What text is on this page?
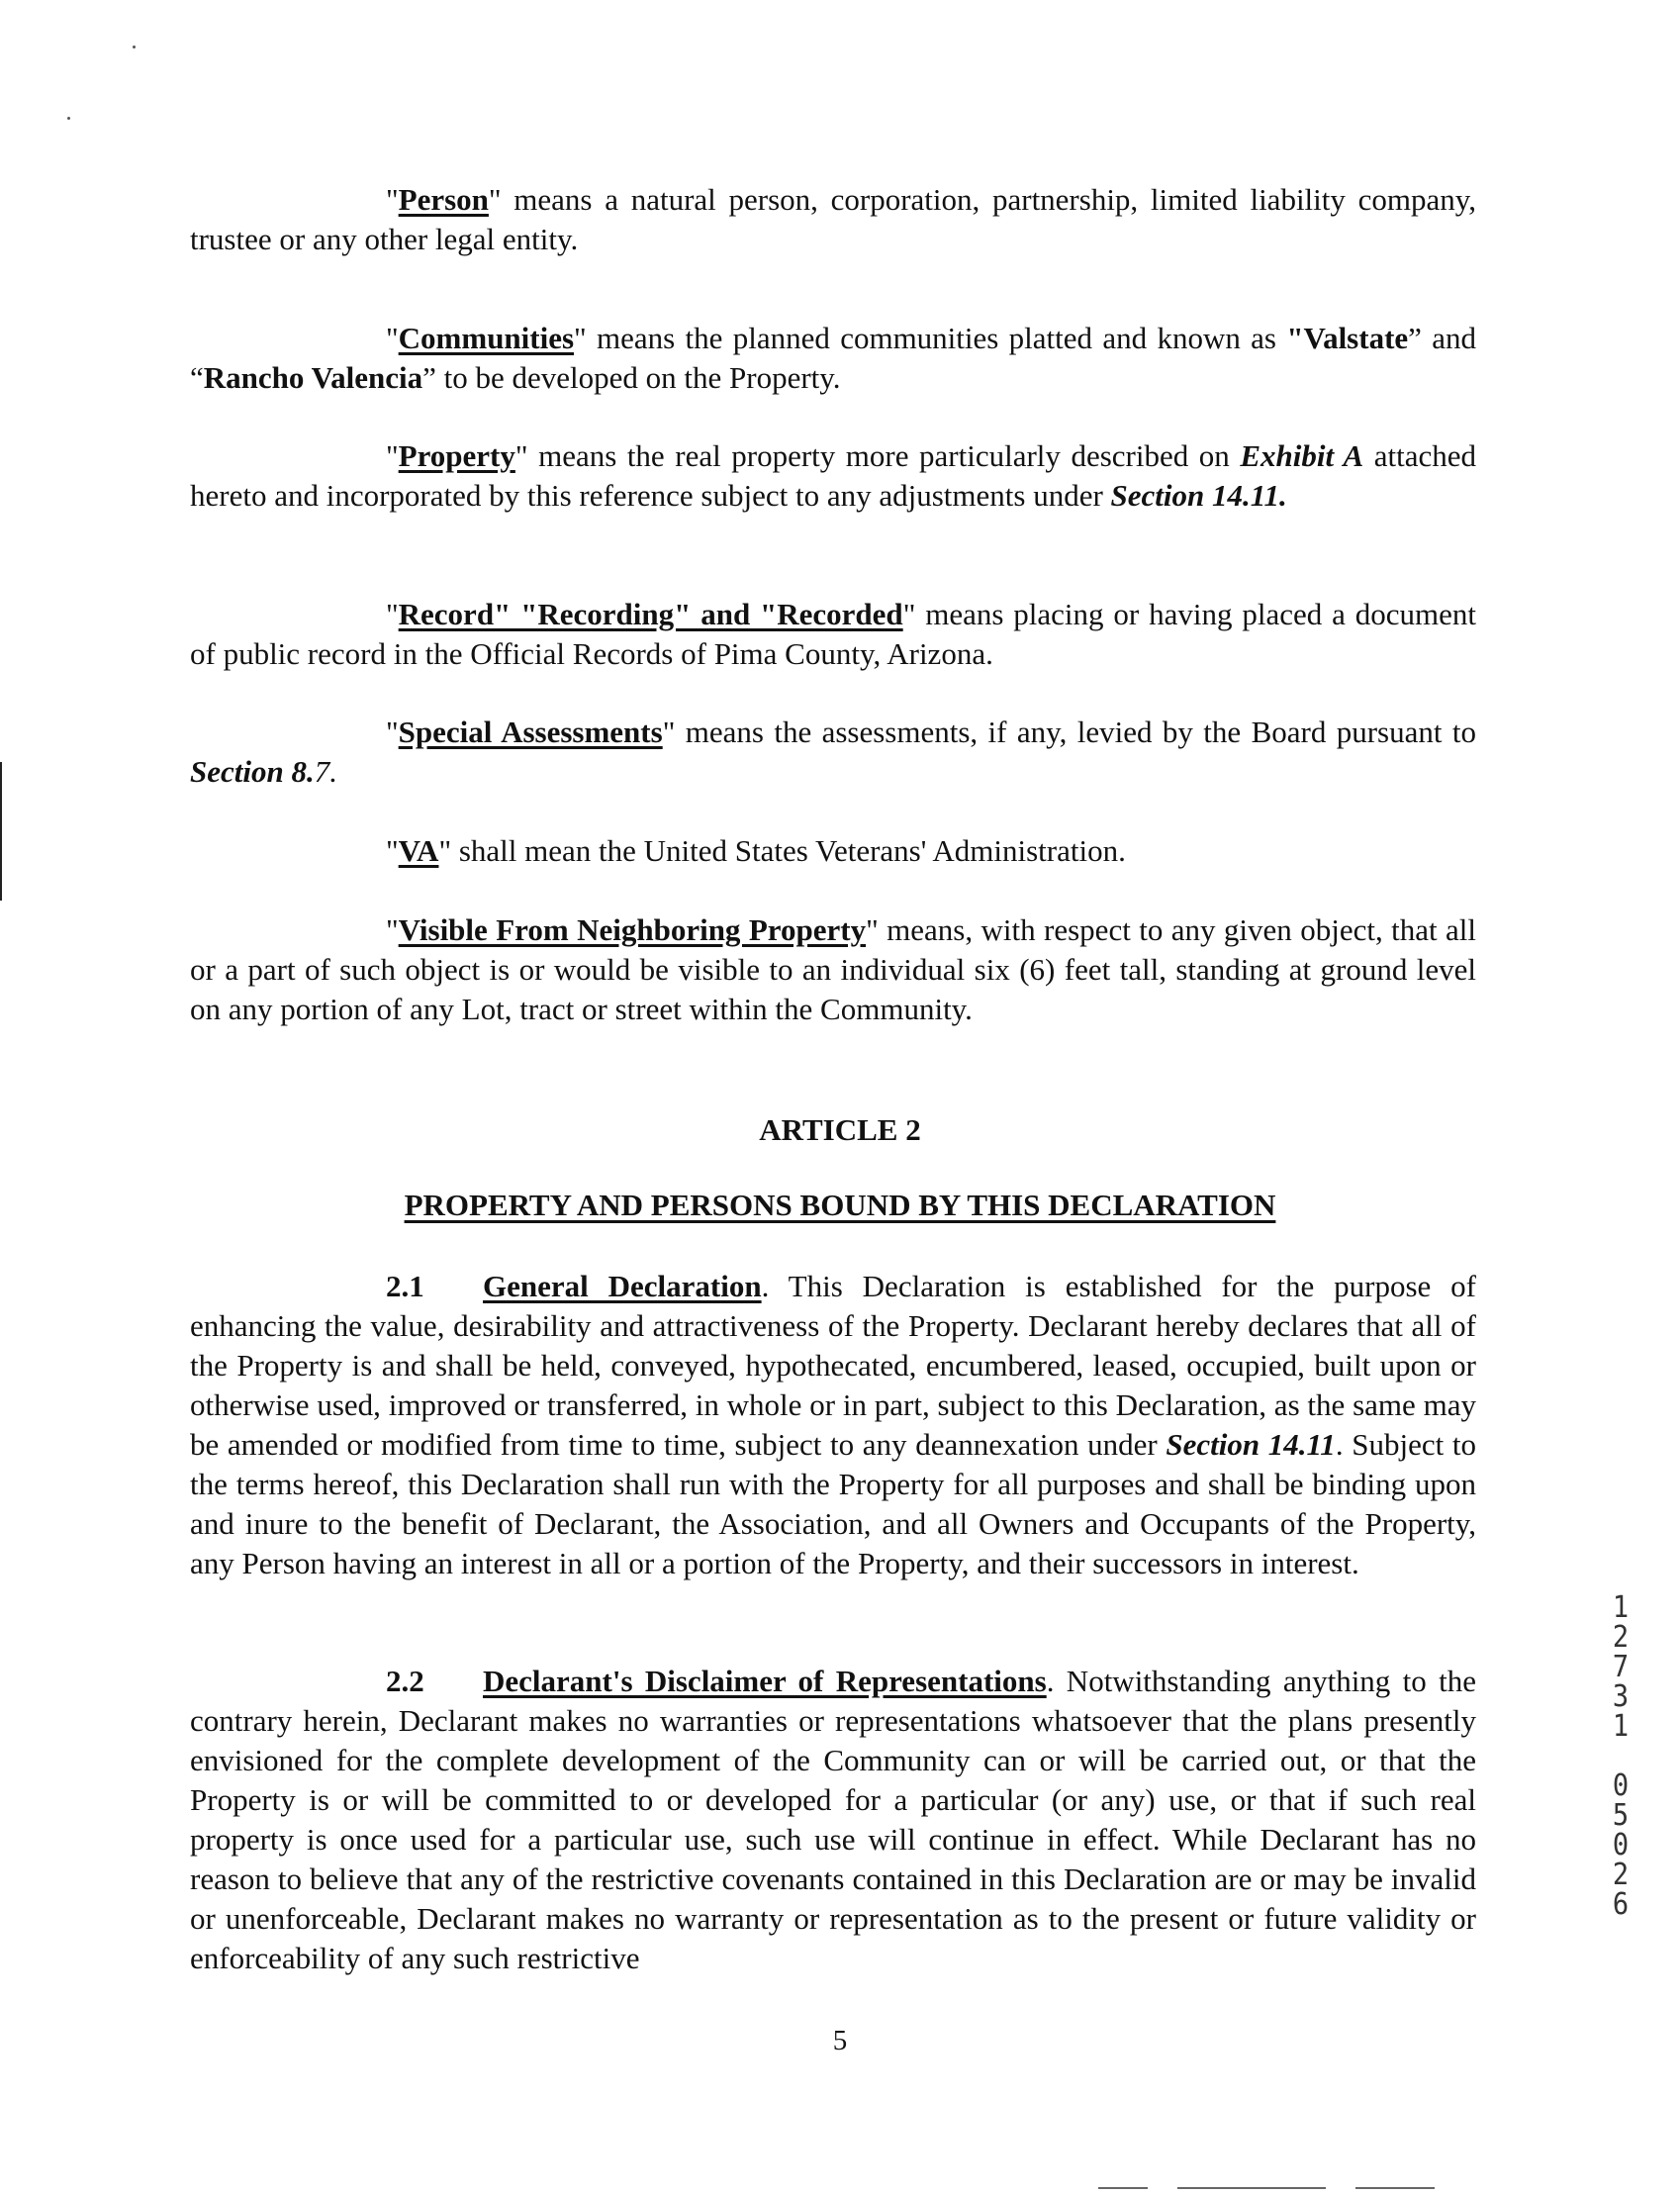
"Person" means a natural person, corporation, partnership, limited liability company, trustee or any other legal entity.

"Communities" means the planned communities platted and known as "Valstate” and “Rancho Valencia” to be developed on the Property.

"Property" means the real property more particularly described on Exhibit A attached hereto and incorporated by this reference subject to any adjustments under Section 14.11.

"Record" "Recording" and "Recorded" means placing or having placed a document of public record in the Official Records of Pima County, Arizona.

"Special Assessments" means the assessments, if any, levied by the Board pursuant to Section 8.7.

"VA" shall mean the United States Veterans' Administration.

"Visible From Neighboring Property" means, with respect to any given object, that all or a part of such object is or would be visible to an individual six (6) feet tall, standing at ground level on any portion of any Lot, tract or street within the Community.

ARTICLE 2
PROPERTY AND PERSONS BOUND BY THIS DECLARATION

2.1 General Declaration. This Declaration is established for the purpose of enhancing the value, desirability and attractiveness of the Property. Declarant hereby declares that all of the Property is and shall be held, conveyed, hypothecated, encumbered, leased, occupied, built upon or otherwise used, improved or transferred, in whole or in part, subject to this Declaration, as the same may be amended or modified from time to time, subject to any deannexation under Section 14.11. Subject to the terms hereof, this Declaration shall run with the Property for all purposes and shall be binding upon and inure to the benefit of Declarant, the Association, and all Owners and Occupants of the Property, any Person having an interest in all or a portion of the Property, and their successors in interest.

2.2 Declarant's Disclaimer of Representations. Notwithstanding anything to the contrary herein, Declarant makes no warranties or representations whatsoever that the plans presently envisioned for the complete development of the Community can or will be carried out, or that the Property is or will be committed to or developed for a particular (or any) use, or that if such real property is once used for a particular use, such use will continue in effect. While Declarant has no reason to believe that any of the restrictive covenants contained in this Declaration are or may be invalid or unenforceable, Declarant makes no warranty or representation as to the present or future validity or enforceability of any such restrictive

1
2
7
3
1
0
5
0
2
6
5
